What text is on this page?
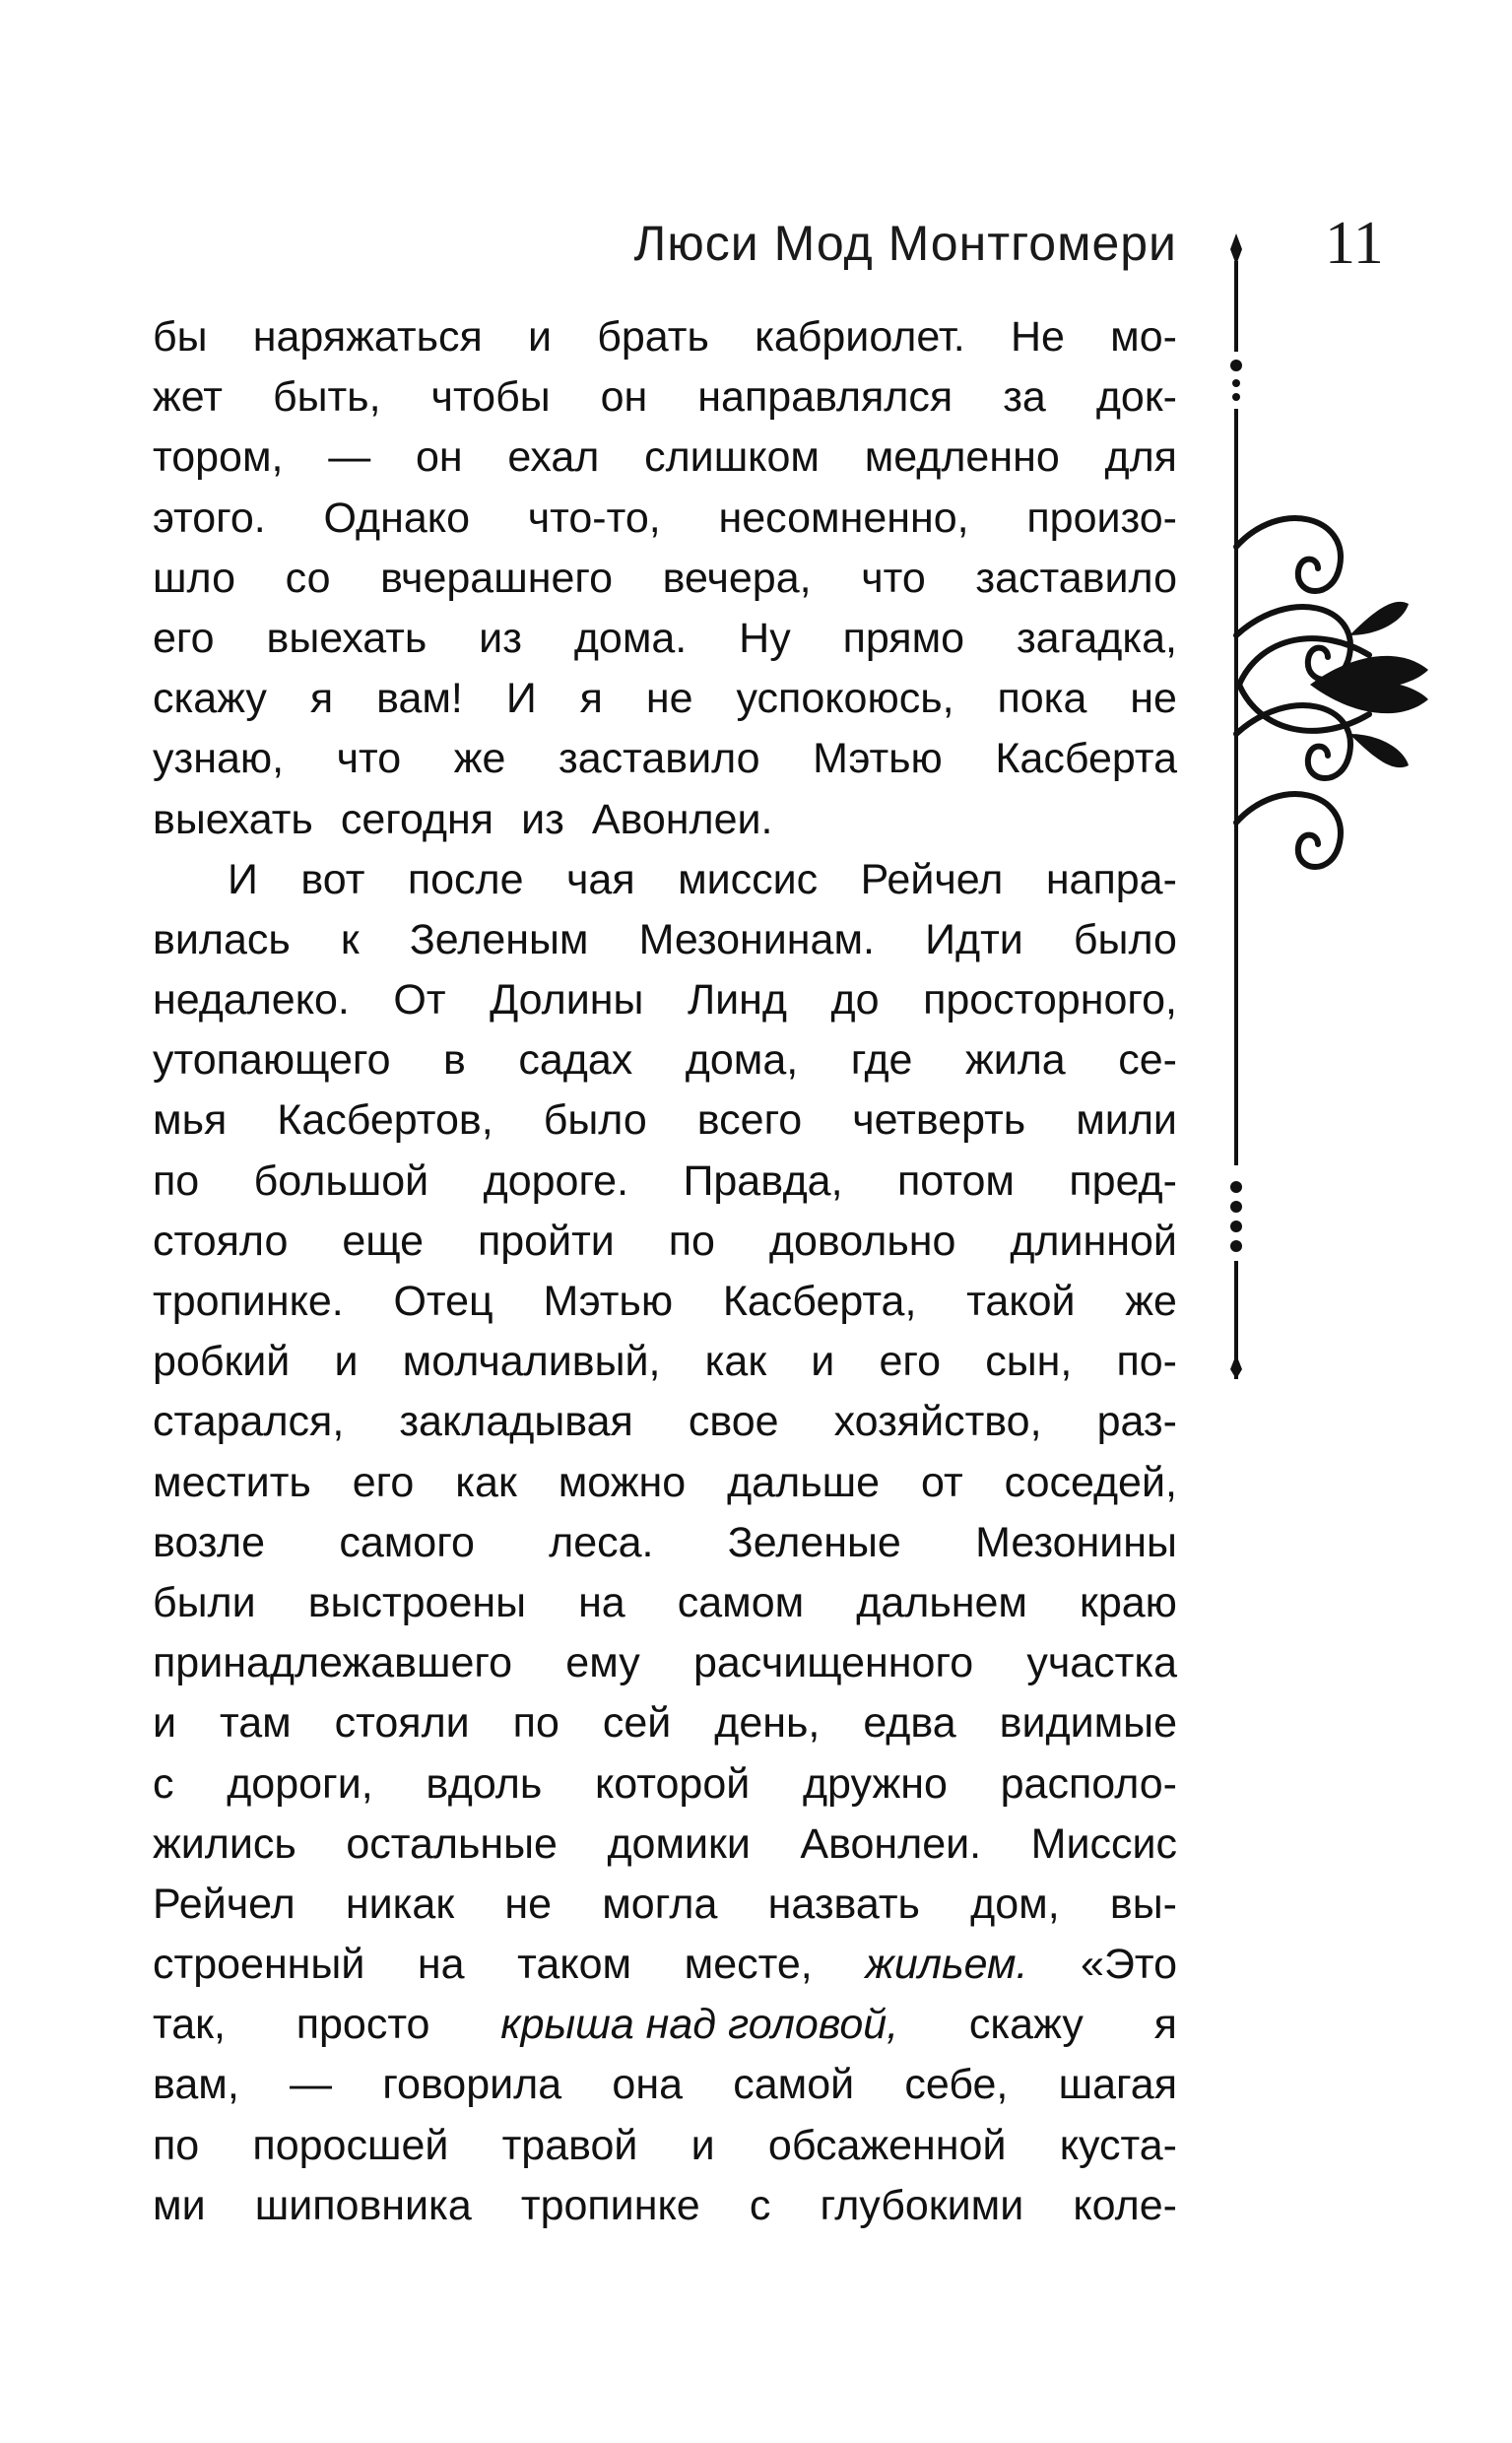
Люси Мод Монтгомери 11
бы наряжаться и брать кабриолет. Не мо-
жет быть, чтобы он направлялся за док-
тором, — он ехал слишком медленно для
этого. Однако что-то, несомненно, произо-
шло со вчерашнего вечера, что заставило
его выехать из дома. Ну прямо загадка,
скажу я вам! И я не успокоюсь, пока не
узнаю, что же заставило Мэтью Касберта
выехать сегодня из Авонлеи.
И вот после чая миссис Рейчел напра-
вилась к Зеленым Мезонинам. Идти было
недалеко. От Долины Линд до просторного,
утопающего в садах дома, где жила се-
мья Касбертов, было всего четверть мили
по большой дороге. Правда, потом пред-
стояло еще пройти по довольно длинной
тропинке. Отец Мэтью Касберта, такой же
робкий и молчаливый, как и его сын, по-
старался, закладывая свое хозяйство, раз-
местить его как можно дальше от соседей,
возле самого леса. Зеленые Мезонины
были выстроены на самом дальнем краю
принадлежавшего ему расчищенного участка
и там стояли по сей день, едва видимые
с дороги, вдоль которой дружно располо-
жились остальные домики Авонлеи. Миссис
Рейчел никак не могла назвать дом, вы-
строенный на таком месте, жильем. «Это
так, просто крыша над головой, скажу я
вам, — говорила она самой себе, шагая
по поросшей травой и обсаженной куста-
ми шиповника тропинке с глубокими коле-
